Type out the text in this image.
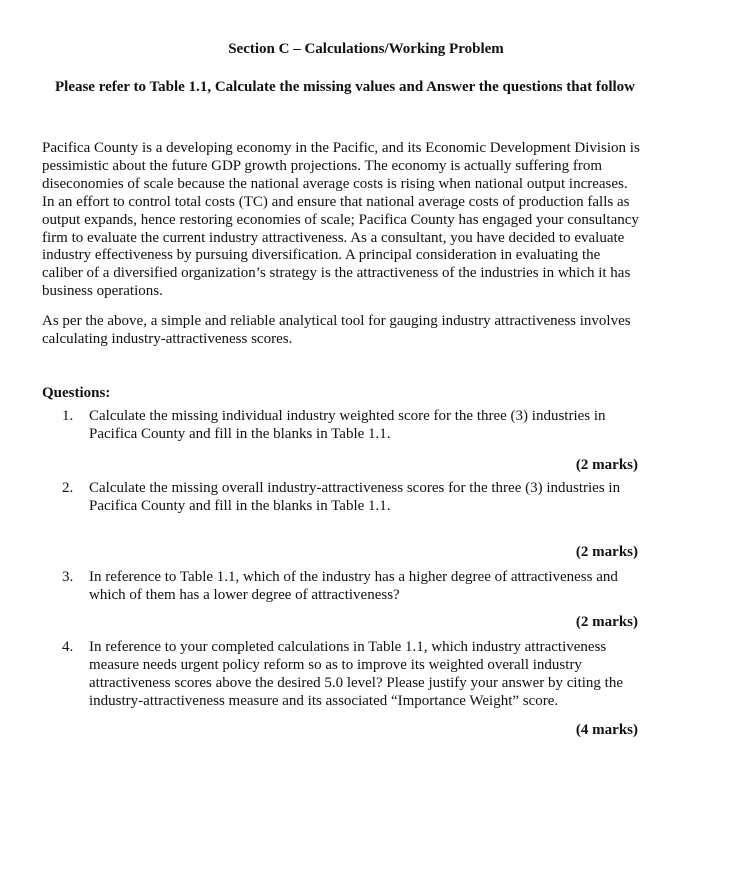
Section C – Calculations/Working Problem
Please refer to Table 1.1, Calculate the missing values and Answer the questions that follow

Pacifica County is a developing economy in the Pacific, and its Economic Development Division is pessimistic about the future GDP growth projections. The economy is actually suffering from diseconomies of scale because the national average costs is rising when national output increases. In an effort to control total costs (TC) and ensure that national average costs of production falls as output expands, hence restoring economies of scale; Pacifica County has engaged your consultancy firm to evaluate the current industry attractiveness. As a consultant, you have decided to evaluate industry effectiveness by pursuing diversification. A principal consideration in evaluating the caliber of a diversified organization’s strategy is the attractiveness of the industries in which it has business operations.

As per the above, a simple and reliable analytical tool for gauging industry attractiveness involves calculating industry-attractiveness scores.

Questions:
1.	Calculate the missing individual industry weighted score for the three (3) industries in Pacifica County and fill in the blanks in Table 1.1.
(2 marks)
2.	Calculate the missing overall industry-attractiveness scores for the three (3) industries in Pacifica County and fill in the blanks in Table 1.1.
(2 marks)
3.	In reference to Table 1.1, which of the industry has a higher degree of attractiveness and which of them has a lower degree of attractiveness?
(2 marks)
4.	In reference to your completed calculations in Table 1.1, which industry attractiveness measure needs urgent policy reform so as to improve its weighted overall industry attractiveness scores above the desired 5.0 level? Please justify your answer by citing the industry-attractiveness measure and its associated “Importance Weight” score.
(4 marks)
